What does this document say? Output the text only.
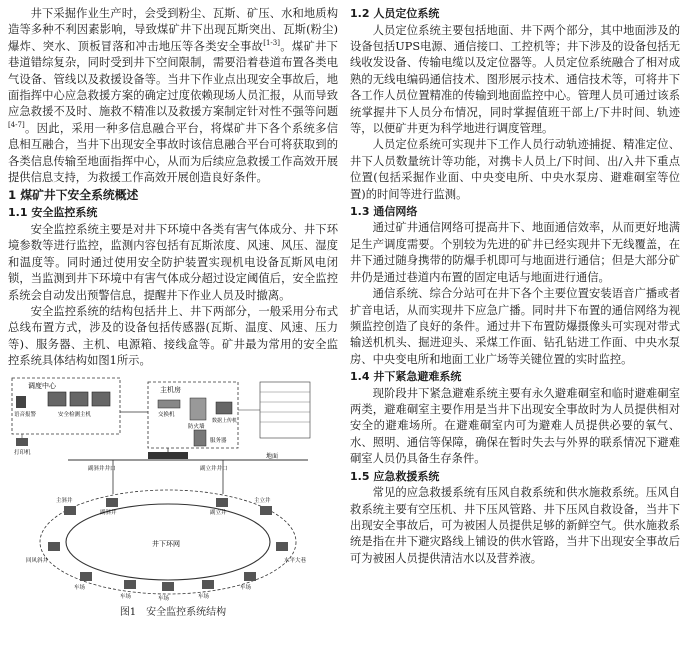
井下采掘作业生产时，会受到粉尘、瓦斯、矿压、水和地质构造等多种不利因素影响，导致煤矿井下出现瓦斯突出、瓦斯(粉尘)爆炸、突水、顶板冒落和冲击地压等各类安全事故[1-3]。煤矿井下巷道错综复杂，同时受到井下空间限制，需要沿着巷道布置各类电气设备、管线以及救援设备等。当井下作业点出现安全事故后，地面指挥中心应急救援方案的确定过度依赖现场人员汇报，从而导致应急救援不及时、施救不精准以及救援方案制定针对性不强等问题[4-7]。因此，采用一种多信息融合平台，将煤矿井下各个系统多信息相互融合，当井下出现安全事故时该信息融合平台可将获取到的各类信息传输至地面指挥中心，从而为后续应急救援工作高效开展提供信息支持，为救援工作高效开展创造良好条件。

1 煤矿井下安全系统概述
1.1 安全监控系统

安全监控系统主要是对井下环境中各类有害气体成分、井下环境参数等进行监控，监测内容包括有瓦斯浓度、风速、风压、湿度和温度等。同时通过使用安全防护装置实现机电设备瓦斯风电闭锁，当监测到井下环境中有害气体成分超过设定阈值后，安全监控系统会自动发出预警信息，提醒井下作业人员及时撤离。

安全监控系统的结构包括井上、井下两部分，一般采用分布式总线布置方式，涉及的设备包括传感器(瓦斯、温度、风速、压力等)、服务器、主机、电源箱、接线盒等。矿井最为常用的安全监控系统具体结构如图1所示。

调度中心
语音报警	安全检测主机
打印机
主机房
交换机
防火墙
数据上传机
服务器
地面
副斜井井口	副立井井口
井下环网
主斜井
副斜井	副立井
主立井
回风斜井	水平大巷
车场
车场	车场	车场
车场
图1　安全监控系统结构
1.2 人员定位系统

人员定位系统主要包括地面、井下两个部分，其中地面涉及的设备包括UPS电源、通信接口、工控机等；井下涉及的设备包括无线收发设备、传输电缆以及定位器等。人员定位系统融合了相对成熟的无线电编码通信技术、图形展示技术、通信技术等，可将井下各工作人员位置精准的传输到地面监控中心。管理人员可通过该系统掌握井下人员分布情况，同时掌握值班干部上/下井时间、轨迹等，以便矿井更为科学地进行调度管理。

人员定位系统可实现井下工作人员行动轨迹捕捉、精准定位、井下人员数量统计等功能，对携卡人员上/下时间、出/入井下重点位置(包括采掘作业面、中央变电所、中央水泵房、避难硐室等位置)的时间等进行监测。

1.3 通信网络

通过矿井通信网络可提高井下、地面通信效率，从而更好地满足生产调度需要。个别较为先进的矿井已经实现井下无线覆盖，在井下通过随身携带的防爆手机即可与地面进行通信；但是大部分矿井仍是通过巷道内布置的固定电话与地面进行通信。

通信系统、综合分站可在井下各个主要位置安装语音广播或者扩音电话，从而实现井下应急广播。同时井下布置的通信网络为视频监控创造了良好的条件。通过井下布置防爆摄像头可实现对带式输送机机头、掘进迎头、采煤工作面、钻孔钻进工作面、中央水泵房、中央变电所和地面工业广场等关键位置的实时监控。

1.4 井下紧急避难系统

现阶段井下紧急避难系统主要有永久避难硐室和临时避难硐室两类，避难硐室主要作用是当井下出现安全事故时为人员提供相对安全的避难场所。在避难硐室内可为避难人员提供必要的氧气、水、照明、通信等保障，确保在暂时失去与外界的联系情况下避难硐室人员仍具备生存条件。

1.5 应急救援系统

常见的应急救援系统有压风自救系统和供水施救系统。压风自救系统主要有空压机、井下压风管路、井下压风自救设备，当井下出现安全事故后，可为被困人员提供足够的新鲜空气。供水施救系统是指在井下避灾路线上铺设的供水管路，当井下出现安全事故后可为被困人员提供清洁水以及营养液。
